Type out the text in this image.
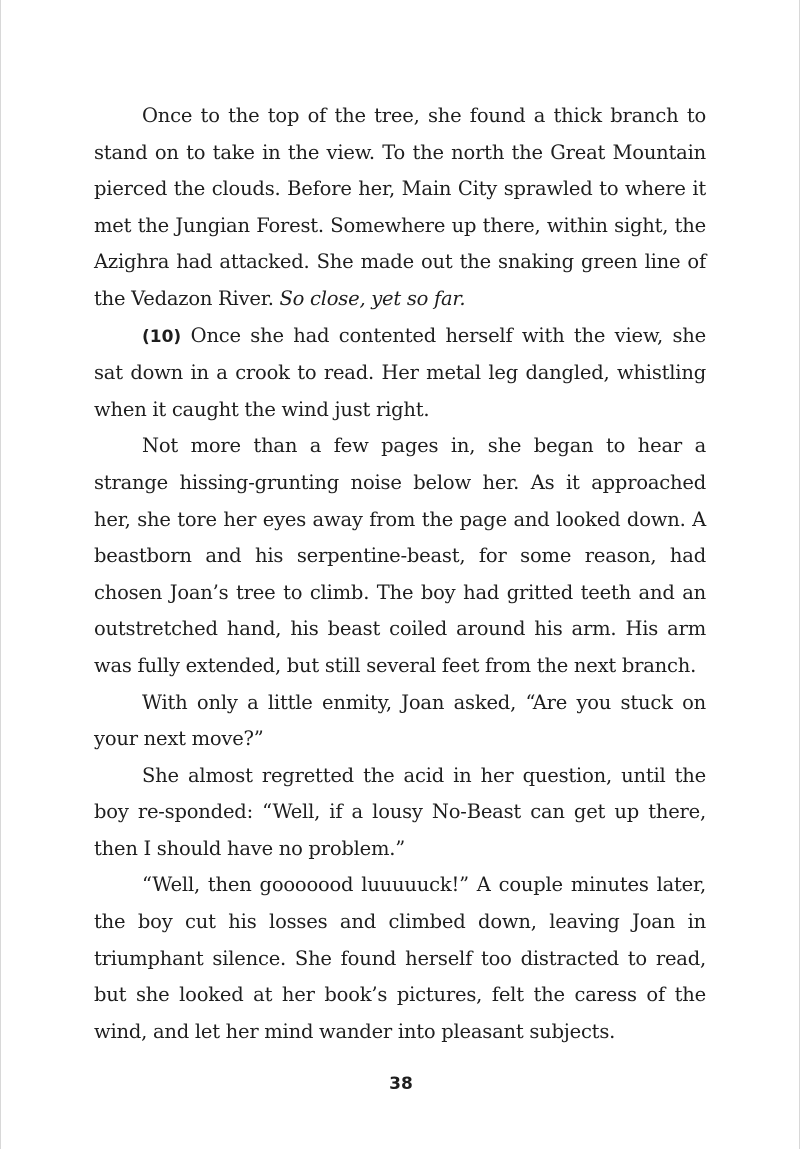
Once to the top of the tree, she found a thick branch to stand on to take in the view. To the north the Great Mountain pierced the clouds. Before her, Main City sprawled to where it met the Jungian Forest. Somewhere up there, within sight, the Azighra had attacked. She made out the snaking green line of the Vedazon River. So close, yet so far.

(10) Once she had contented herself with the view, she sat down in a crook to read. Her metal leg dangled, whistling when it caught the wind just right.

Not more than a few pages in, she began to hear a strange hissing-grunting noise below her. As it approached her, she tore her eyes away from the page and looked down. A beastborn and his serpentine-beast, for some reason, had chosen Joan’s tree to climb. The boy had gritted teeth and an outstretched hand, his beast coiled around his arm. His arm was fully extended, but still several feet from the next branch.

With only a little enmity, Joan asked, “Are you stuck on your next move?”

She almost regretted the acid in her question, until the boy re-sponded: “Well, if a lousy No-Beast can get up there, then I should have no problem.”

“Well, then gooooood luuuuuck!” A couple minutes later, the boy cut his losses and climbed down, leaving Joan in triumphant silence. She found herself too distracted to read, but she looked at her book’s pictures, felt the caress of the wind, and let her mind wander into pleasant subjects.

38
